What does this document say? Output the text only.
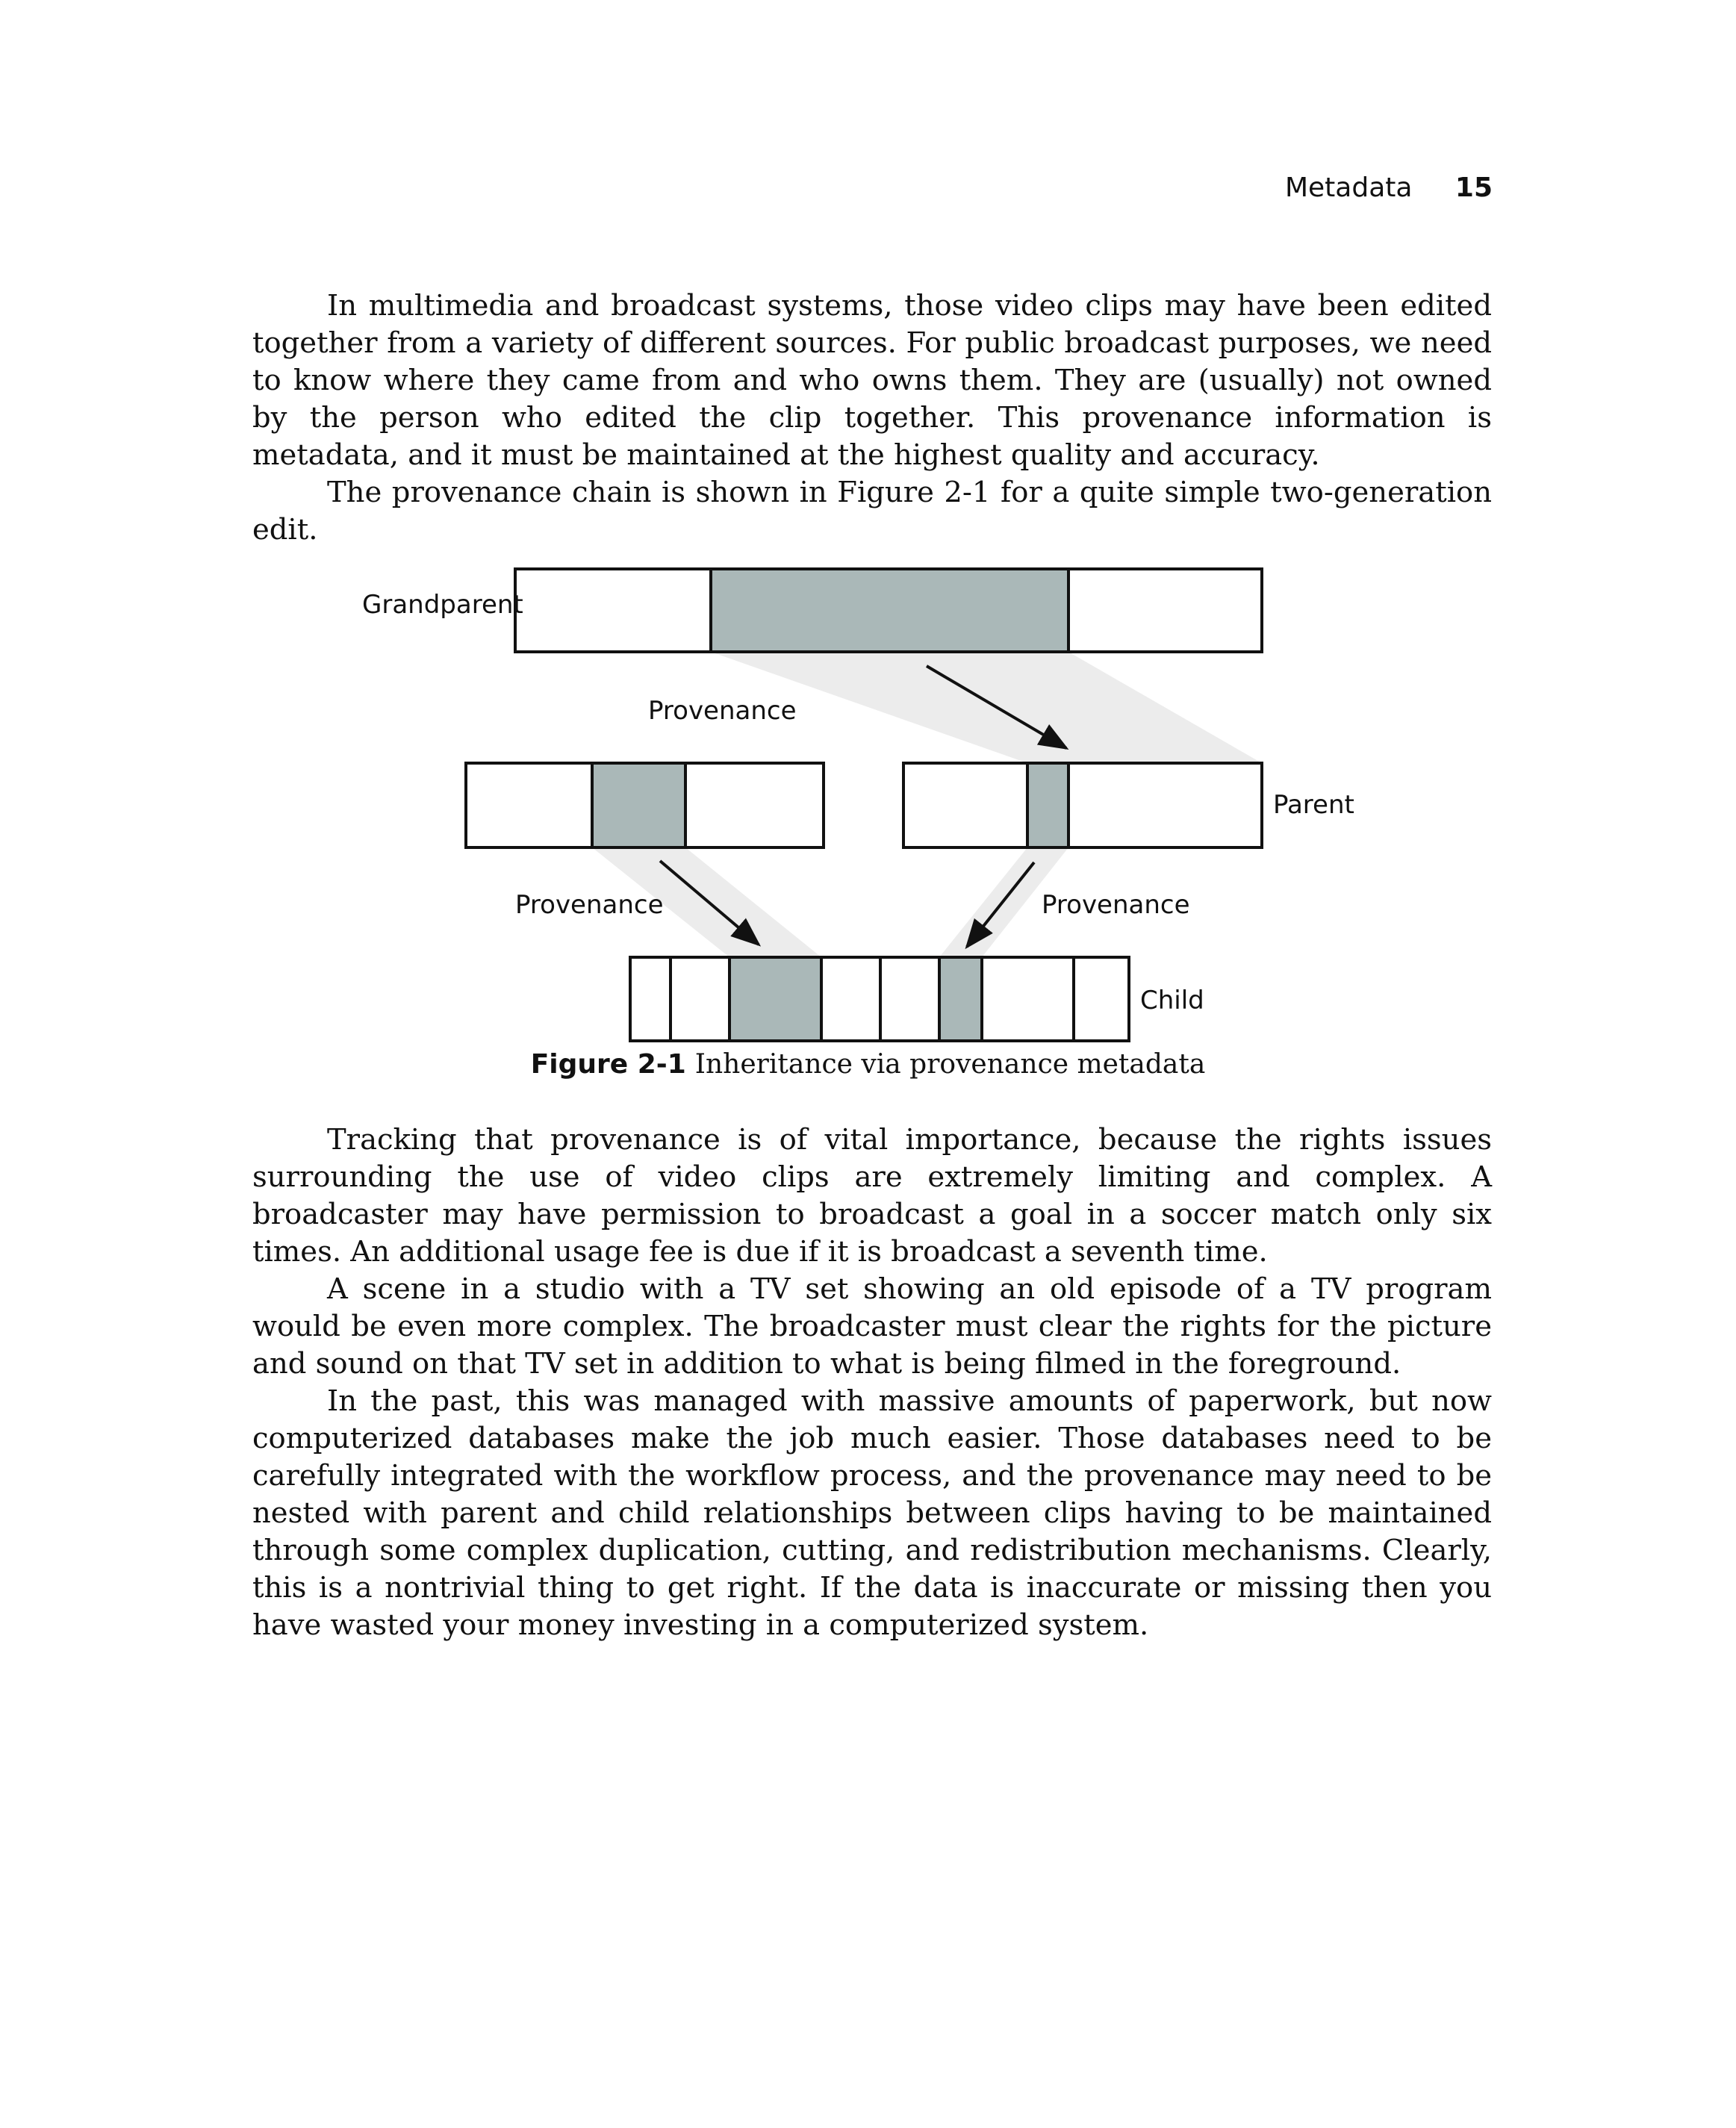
Metadata 15

In multimedia and broadcast systems, those video clips may have been edited together from a variety of different sources. For public broadcast purposes, we need to know where they came from and who owns them. They are (usually) not owned by the person who edited the clip together. This provenance information is metadata, and it must be maintained at the highest quality and accuracy.

The provenance chain is shown in Figure 2-1 for a quite simple two-generation edit.

Grandparent
Provenance
Parent
Provenance	Provenance
Child
Figure 2-1 Inheritance via provenance metadata

Tracking that provenance is of vital importance, because the rights issues surrounding the use of video clips are extremely limiting and complex. A broadcaster may have permission to broadcast a goal in a soccer match only six times. An additional usage fee is due if it is broadcast a seventh time.

A scene in a studio with a TV set showing an old episode of a TV program would be even more complex. The broadcaster must clear the rights for the picture and sound on that TV set in addition to what is being filmed in the foreground.

In the past, this was managed with massive amounts of paperwork, but now computerized databases make the job much easier. Those databases need to be carefully integrated with the workflow process, and the provenance may need to be nested with parent and child relationships between clips having to be maintained through some complex duplication, cutting, and redistribution mechanisms. Clearly, this is a nontrivial thing to get right. If the data is inaccurate or missing then you have wasted your money investing in a computerized system.
